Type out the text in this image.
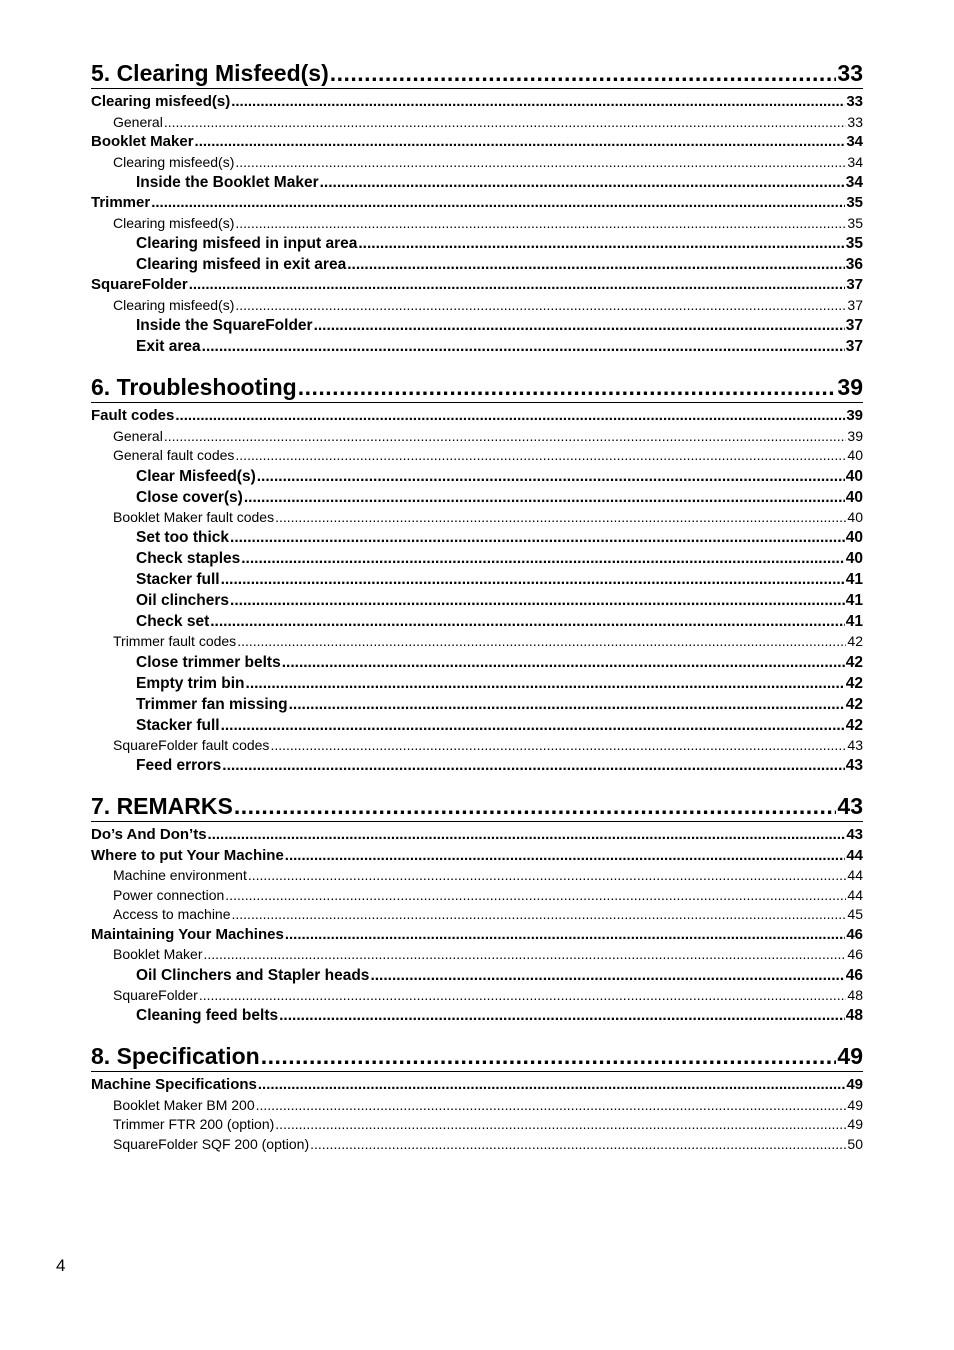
5. Clearing Misfeed(s) .....	33
Clearing misfeed(s) .....	33
General .....	33
Booklet Maker .....	34
Clearing misfeed(s) .....	34
Inside the Booklet Maker .....	34
Trimmer .....	35
Clearing misfeed(s) .....	35
Clearing misfeed in input area .....	35
Clearing misfeed in exit area .....	36
SquareFolder .....	37
Clearing misfeed(s) .....	37
Inside the SquareFolder .....	37
Exit area .....	37
6. Troubleshooting .....	39
Fault codes .....	39
General .....	39
General fault codes .....	40
Clear Misfeed(s) .....	40
Close cover(s) .....	40
Booklet Maker fault codes .....	40
Set too thick .....	40
Check staples .....	40
Stacker full .....	41
Oil clinchers .....	41
Check set .....	41
Trimmer fault codes .....	42
Close trimmer belts .....	42
Empty trim bin .....	42
Trimmer fan missing .....	42
Stacker full .....	42
SquareFolder fault codes .....	43
Feed errors .....	43
7. REMARKS .....	43
Do’s And Don’ts .....	43
Where to put Your Machine .....	44
Machine environment .....	44
Power connection .....	44
Access to machine .....	45
Maintaining Your Machines .....	46
Booklet Maker .....	46
Oil Clinchers and Stapler heads .....	46
SquareFolder .....	48
Cleaning feed belts .....	48
8. Specification .....	49
Machine Specifications .....	49
Booklet Maker BM 200 .....	49
Trimmer FTR 200 (option) .....	49
SquareFolder SQF 200 (option) .....	50
4
